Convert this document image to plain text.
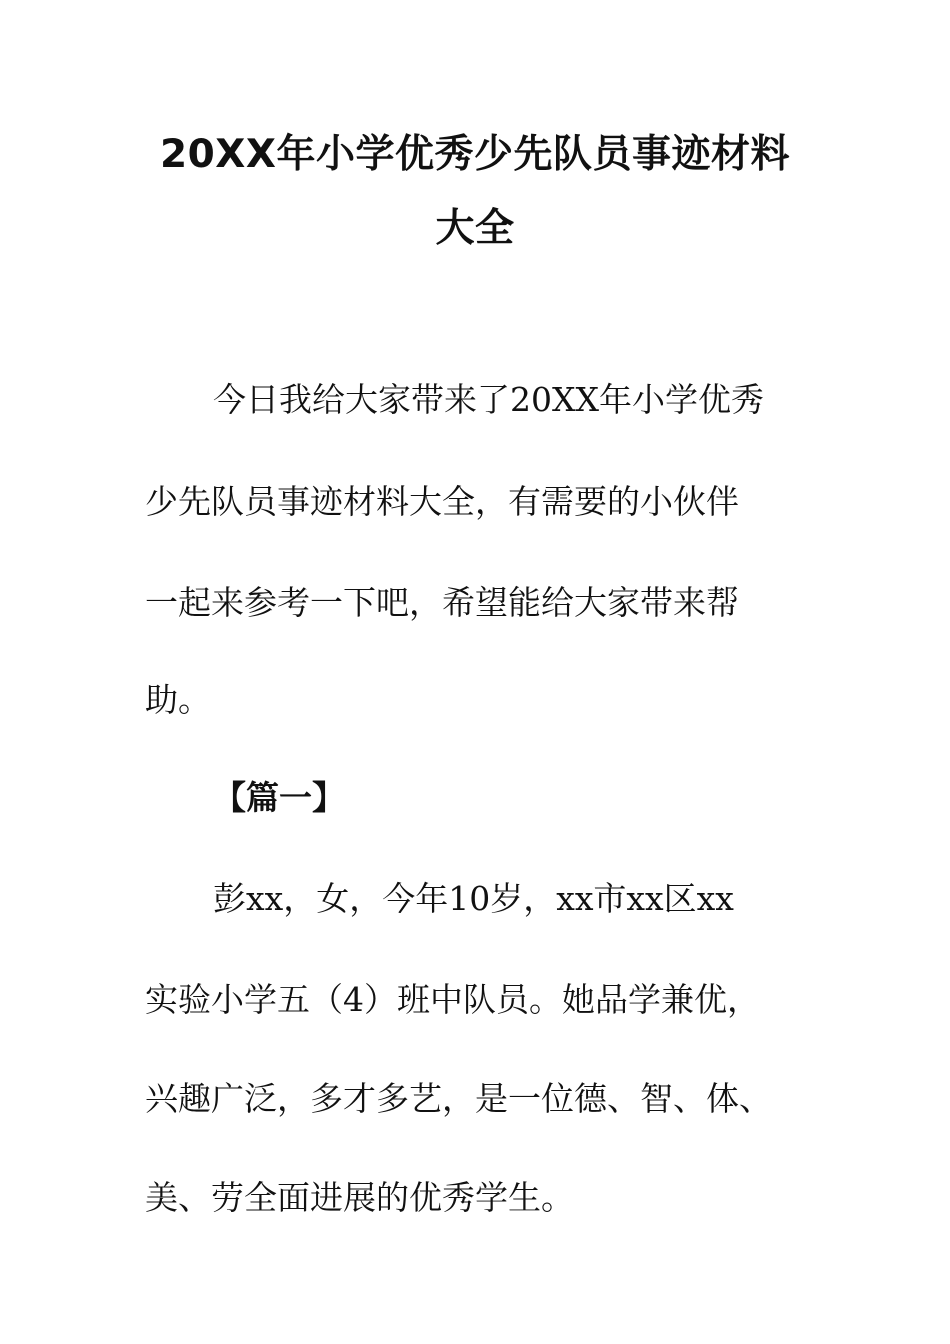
20XX年小学优秀少先队员事迹材料
大全
今日我给大家带来了20XX年小学优秀
少先队员事迹材料大全，有需要的小伙伴
一起来参考一下吧，希望能给大家带来帮
助。
【篇一】
彭xx，女，今年10岁，xx市xx区xx
实验小学五（4）班中队员。她品学兼优，
兴趣广泛，多才多艺，是一位德、智、体、
美、劳全面进展的优秀学生。
